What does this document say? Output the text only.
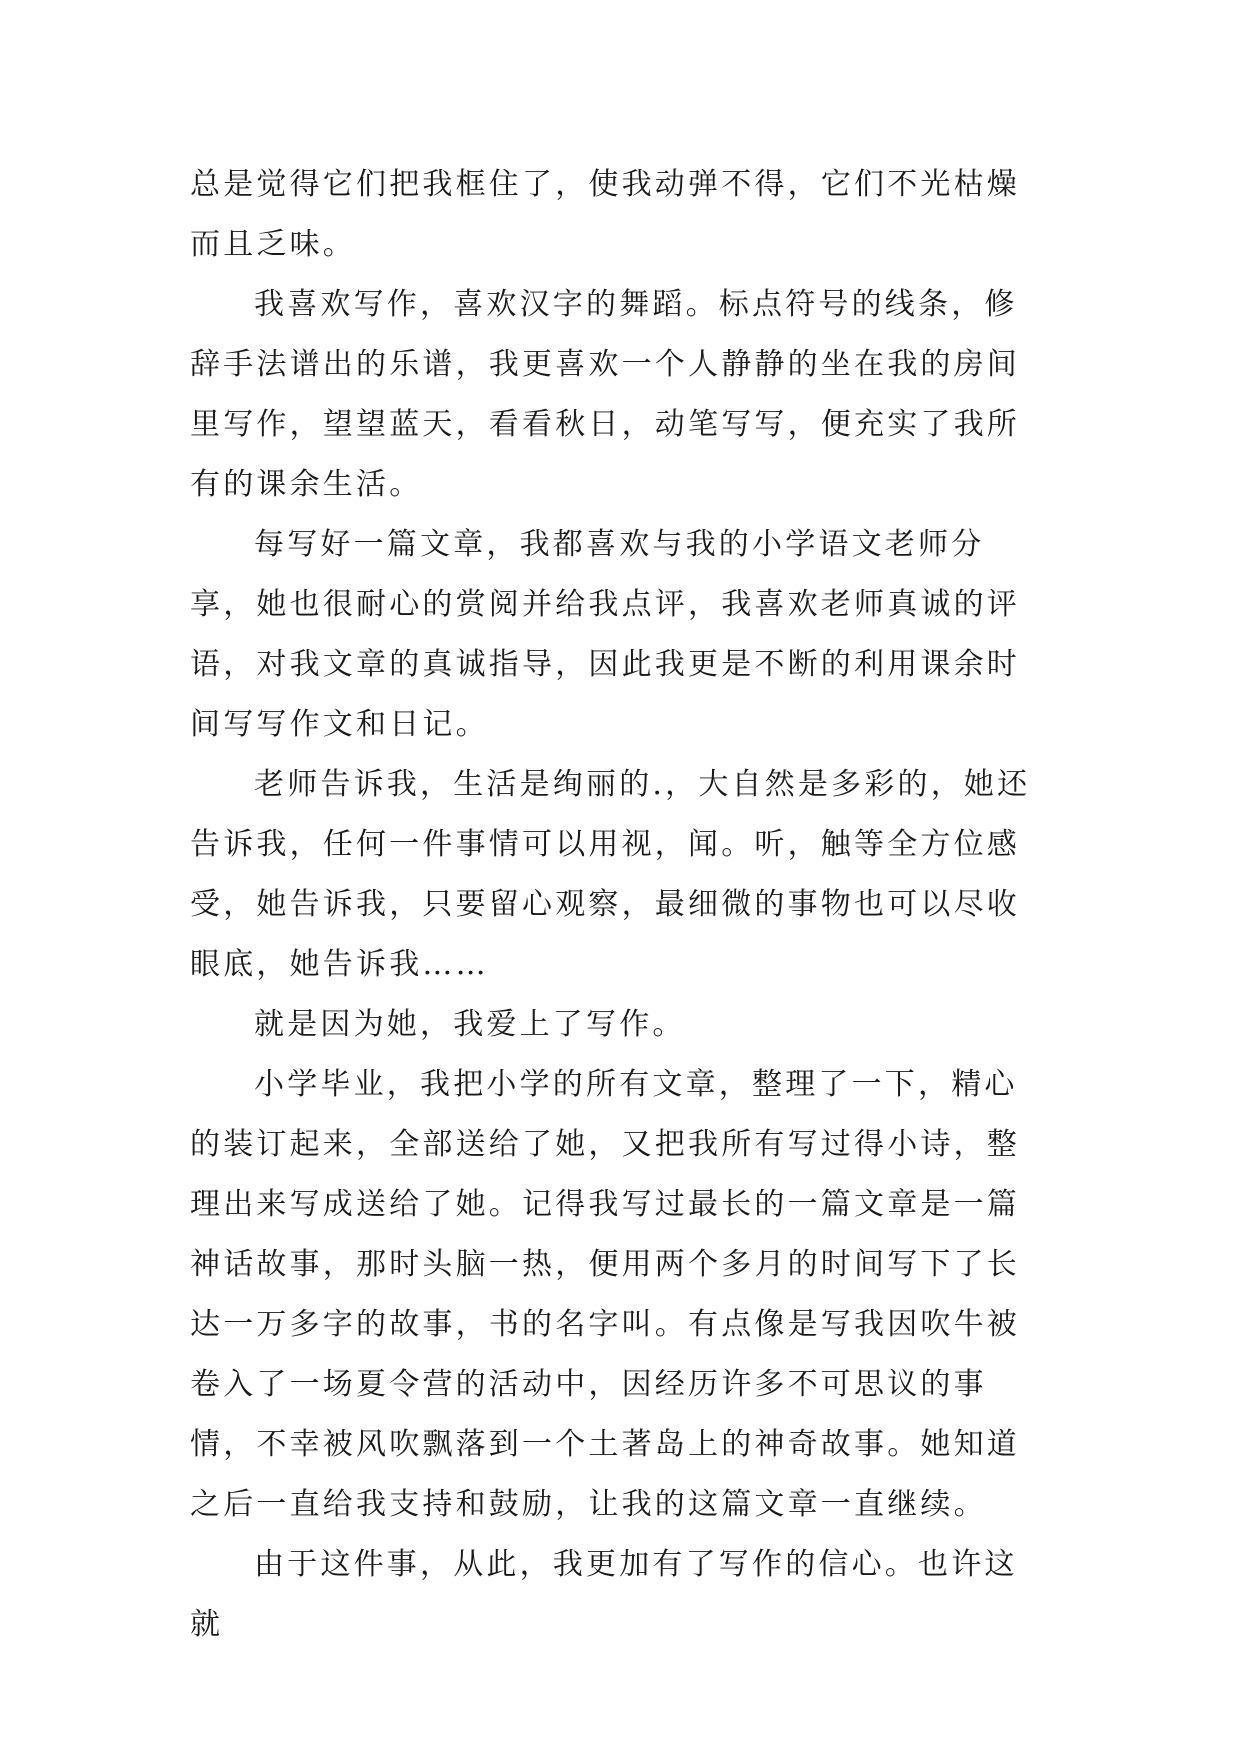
总是觉得它们把我框住了，使我动弹不得，它们不光枯燥而且乏味。

我喜欢写作，喜欢汉字的舞蹈。标点符号的线条，修辞手法谱出的乐谱，我更喜欢一个人静静的坐在我的房间里写作，望望蓝天，看看秋日，动笔写写，便充实了我所有的课余生活。

每写好一篇文章，我都喜欢与我的小学语文老师分享，她也很耐心的赏阅并给我点评，我喜欢老师真诚的评语，对我文章的真诚指导，因此我更是不断的利用课余时间写写作文和日记。

老师告诉我，生活是绚丽的.，大自然是多彩的，她还告诉我，任何一件事情可以用视，闻。听，触等全方位感受，她告诉我，只要留心观察，最细微的事物也可以尽收眼底，她告诉我……

就是因为她，我爱上了写作。

小学毕业，我把小学的所有文章，整理了一下，精心的装订起来，全部送给了她，又把我所有写过得小诗，整理出来写成送给了她。记得我写过最长的一篇文章是一篇神话故事，那时头脑一热，便用两个多月的时间写下了长达一万多字的故事，书的名字叫。有点像是写我因吹牛被卷入了一场夏令营的活动中，因经历许多不可思议的事情，不幸被风吹飘落到一个土著岛上的神奇故事。她知道之后一直给我支持和鼓励，让我的这篇文章一直继续。

由于这件事，从此，我更加有了写作的信心。也许这就
